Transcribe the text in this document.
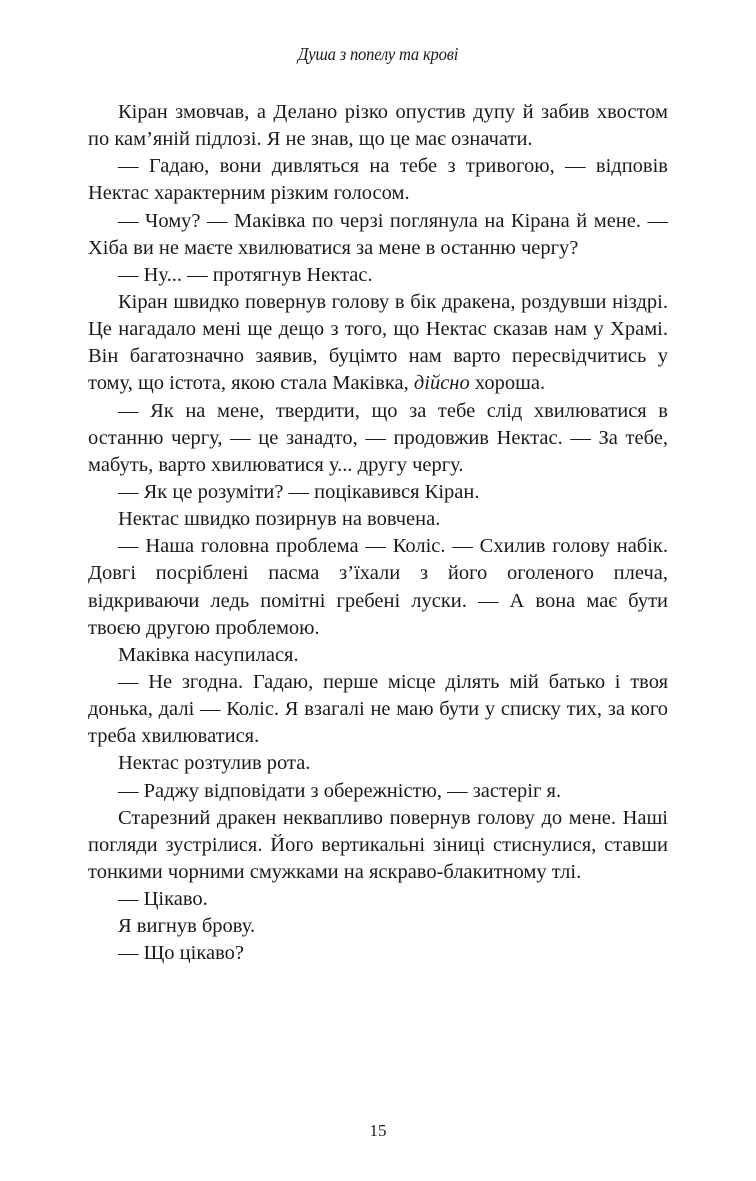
Душа з попелу та крові

Кіран змовчав, а Делано різко опустив дупу й забив хвостом по кам’яній підлозі. Я не знав, що це має означати.

— Гадаю, вони дивляться на тебе з тривогою, — відповів Нектас характерним різким голосом.

— Чому? — Маківка по черзі поглянула на Кірана й мене. — Хіба ви не маєте хвилюватися за мене в останню чергу?

— Ну... — протягнув Нектас.

Кіран швидко повернув голову в бік дракена, роздувши ніздрі. Це нагадало мені ще дещо з того, що Нектас сказав нам у Храмі. Він багатозначно заявив, буцімто нам варто пересвідчитись у тому, що істота, якою стала Маківка, дійсно хороша.

— Як на мене, твердити, що за тебе слід хвилюватися в останню чергу, — це занадто, — продовжив Нектас. — За тебе, мабуть, варто хвилюватися у... другу чергу.

— Як це розуміти? — поцікавився Кіран.

Нектас швидко позирнув на вовчена.

— Наша головна проблема — Коліс. — Схилив голову набік. Довгі посріблені пасма з’їхали з його оголеного плеча, відкриваючи ледь помітні гребені луски. — А вона має бути твоєю другою проблемою.

Маківка насупилася.

— Не згодна. Гадаю, перше місце ділять мій батько і твоя донька, далі — Коліс. Я взагалі не маю бути у списку тих, за кого треба хвилюватися.

Нектас розтулив рота.

— Раджу відповідати з обережністю, — застеріг я.

Старезний дракен неквапливо повернув голову до мене. Наші погляди зустрілися. Його вертикальні зіниці стиснулися, ставши тонкими чорними смужками на яскраво-блакитному тлі.

— Цікаво.

Я вигнув брову.

— Що цікаво?

15
